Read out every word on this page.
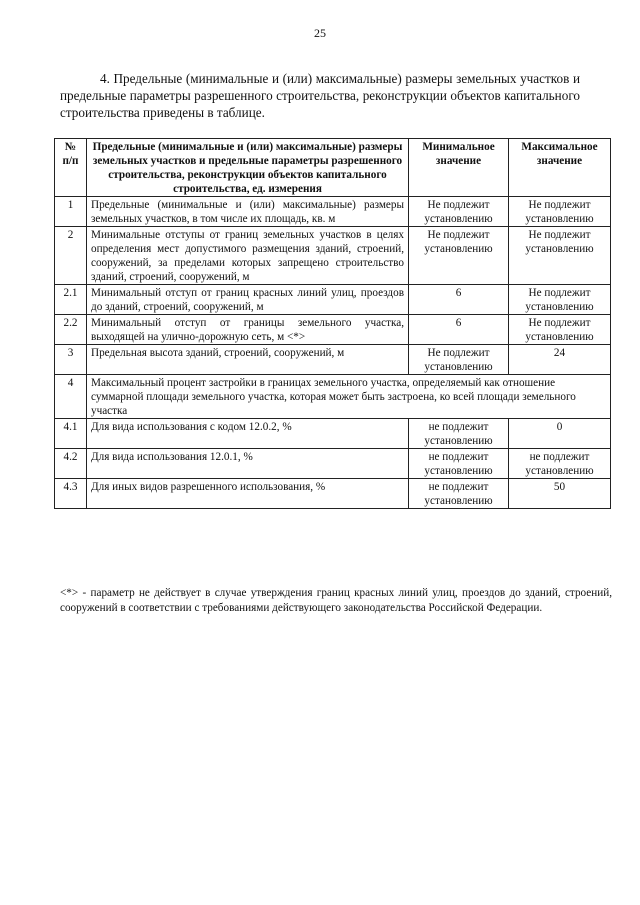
25

4. Предельные (минимальные и (или) максимальные) размеры земельных участков и предельные параметры разрешенного строительства, реконструкции объектов капитального строительства приведены в таблице.

№ п/п	Предельные (минимальные и (или) максимальные) размеры земельных участков и предельные параметры разрешенного строительства, реконструкции объектов капитального строительства, ед. измерения	Минимальное значение	Максимальное значение
1	Предельные (минимальные и (или) максимальные) размеры земельных участков, в том числе их площадь, кв. м	Не подлежит установлению	Не подлежит установлению
2	Минимальные отступы от границ земельных участков в целях определения мест допустимого размещения зданий, строений, сооружений, за пределами которых запрещено строительство зданий, строений, сооружений, м	Не подлежит установлению	Не подлежит установлению
2.1	Минимальный отступ от границ красных линий улиц, проездов до зданий, строений, сооружений, м	6	Не подлежит установлению
2.2	Минимальный отступ от границы земельного участка, выходящей на улично-дорожную сеть, м <*>	6	Не подлежит установлению
3	Предельная высота зданий, строений, сооружений, м	Не подлежит установлению	24
4	Максимальный процент застройки в границах земельного участка, определяемый как отношение суммарной площади земельного участка, которая может быть застроена, ко всей площади земельного участка		
4.1	Для вида использования с кодом 12.0.2, %	не подлежит установлению	0
4.2	Для вида использования 12.0.1, %	не подлежит установлению	не подлежит установлению
4.3	Для иных видов разрешенного использования, %	не подлежит установлению	50

<*> - параметр не действует в случае утверждения границ красных линий улиц, проездов до зданий, строений, сооружений в соответствии с требованиями действующего законодательства Российской Федерации.
